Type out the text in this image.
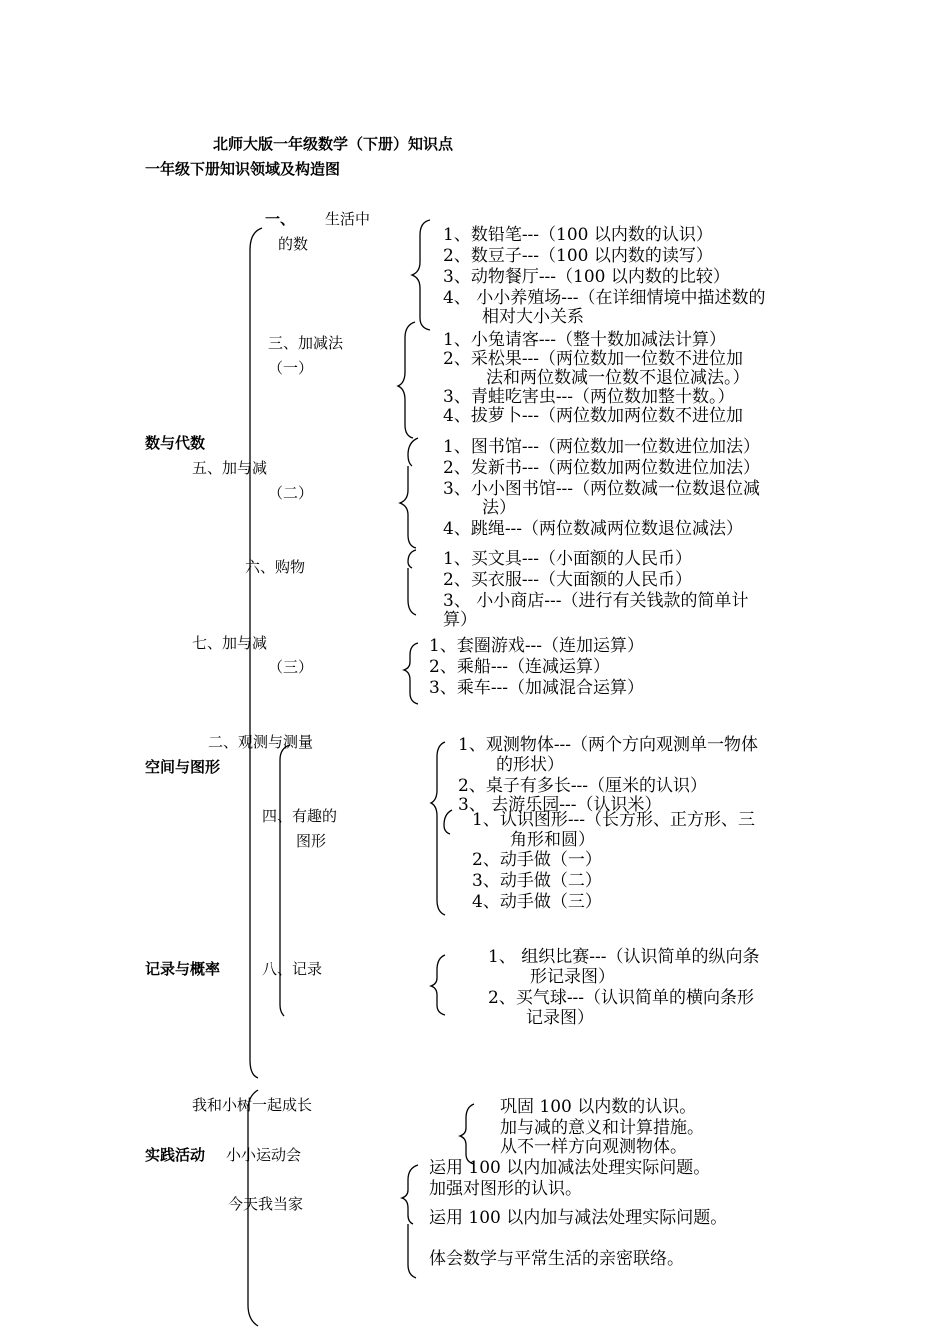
北师大版一年级数学（下册）知识点
一年级下册知识领域及构造图
数与代数
空间与图形
记录与概率
实践活动
一、 生活中
的数
三、加减法
（一）
五、加与减
（二）
六、购物
七、加与减
（三）
二、观测与测量
四、有趣的
图形
八、记录
1、数铅笔---（100 以内数的认识）
2、数豆子---（100 以内数的读写）
3、动物餐厅---（100 以内数的比较）
4、 小小养殖场---（在详细情境中描述数的
相对大小关系
1、小兔请客---（整十数加减法计算）
2、采松果---（两位数加一位数不进位加
法和两位数减一位数不退位减法。）
3、青蛙吃害虫---（两位数加整十数。）
4、拔萝卜---（两位数加两位数不进位加
1、图书馆---（两位数加一位数进位加法）
2、发新书---（两位数加两位数进位加法）
3、小小图书馆---（两位数减一位数退位减
法）
4、跳绳---（两位数减两位数退位减法）
1、买文具---（小面额的人民币）
2、买衣服---（大面额的人民币）
3、 小小商店---（进行有关钱款的简单计
算）
1、套圈游戏---（连加运算）
2、乘船---（连减运算）
3、乘车---（加减混合运算）
1、观测物体---（两个方向观测单一物体
的形状）
2、桌子有多长---（厘米的认识）
3、 去游乐园---（认识米）
1、认识图形---（长方形、正方形、三
角形和圆）
2、动手做（一）
3、动手做（二）
4、动手做（三）
1、 组织比赛---（认识简单的纵向条
形记录图）
2、买气球---（认识简单的横向条形
记录图）
我和小树一起成长
小小运动会
今天我当家
巩固 100 以内数的认识。
加与减的意义和计算措施。
从不一样方向观测物体。
运用 100 以内加减法处理实际问题。
加强对图形的认识。
运用 100 以内加与减法处理实际问题。
体会数学与平常生活的亲密联络。
